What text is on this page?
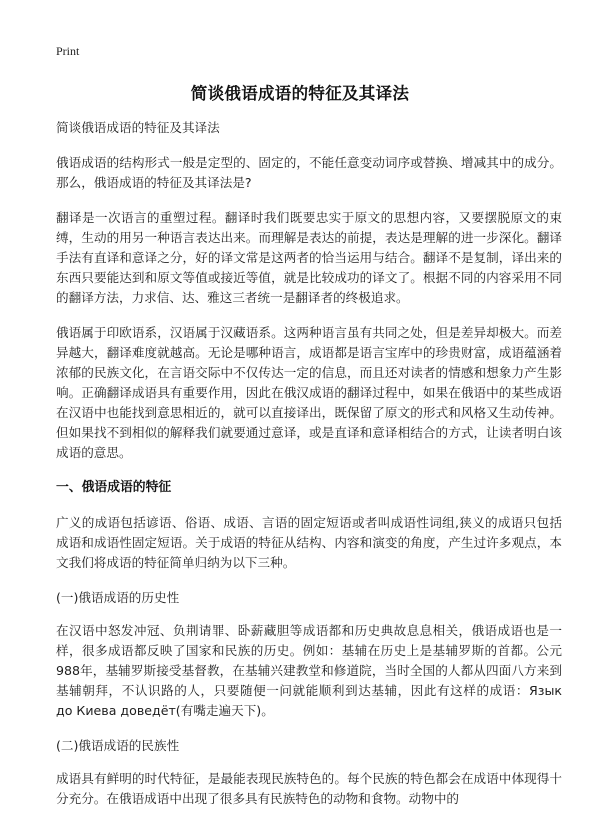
Print
简谈俄语成语的特征及其译法

简谈俄语成语的特征及其译法

俄语成语的结构形式一般是定型的、固定的，不能任意变动词序或替换、增减其中的成分。那么，俄语成语的特征及其译法是?

翻译是一次语言的重塑过程。翻译时我们既要忠实于原文的思想内容，又要摆脱原文的束缚，生动的用另一种语言表达出来。而理解是表达的前提，表达是理解的进一步深化。翻译手法有直译和意译之分，好的译文常是这两者的恰当运用与结合。翻译不是复制，译出来的东西只要能达到和原文等值或接近等值，就是比较成功的译文了。根据不同的内容采用不同的翻译方法，力求信、达、雅这三者统一是翻译者的终极追求。

俄语属于印欧语系，汉语属于汉藏语系。这两种语言虽有共同之处，但是差异却极大。而差异越大，翻译难度就越高。无论是哪种语言，成语都是语言宝库中的珍贵财富，成语蕴涵着浓郁的民族文化，在言语交际中不仅传达一定的信息，而且还对读者的情感和想象力产生影响。正确翻译成语具有重要作用，因此在俄汉成语的翻译过程中，如果在俄语中的某些成语在汉语中也能找到意思相近的，就可以直接译出，既保留了原文的形式和风格又生动传神。但如果找不到相似的解释我们就要通过意译，或是直译和意译相结合的方式，让读者明白该成语的意思。

一、俄语成语的特征

广义的成语包括谚语、俗语、成语、言语的固定短语或者叫成语性词组,狭义的成语只包括成语和成语性固定短语。关于成语的特征从结构、内容和演变的角度，产生过许多观点，本文我们将成语的特征简单归纳为以下三种。

(一)俄语成语的历史性

在汉语中怒发冲冠、负荆请罪、卧薪藏胆等成语都和历史典故息息相关，俄语成语也是一样，很多成语都反映了国家和民族的历史。例如：基辅在历史上是基辅罗斯的首都。公元988年，基辅罗斯接受基督教，在基辅兴建教堂和修道院，当时全国的人都从四面八方来到基辅朝拜，不认识路的人，只要随便一问就能顺利到达基辅，因此有这样的成语：Язык до Киева доведёт(有嘴走遍天下)。

(二)俄语成语的民族性

成语具有鲜明的时代特征，是最能表现民族特色的。每个民族的特色都会在成语中体现得十分充分。在俄语成语中出现了很多具有民族特色的动物和食物。动物中的
